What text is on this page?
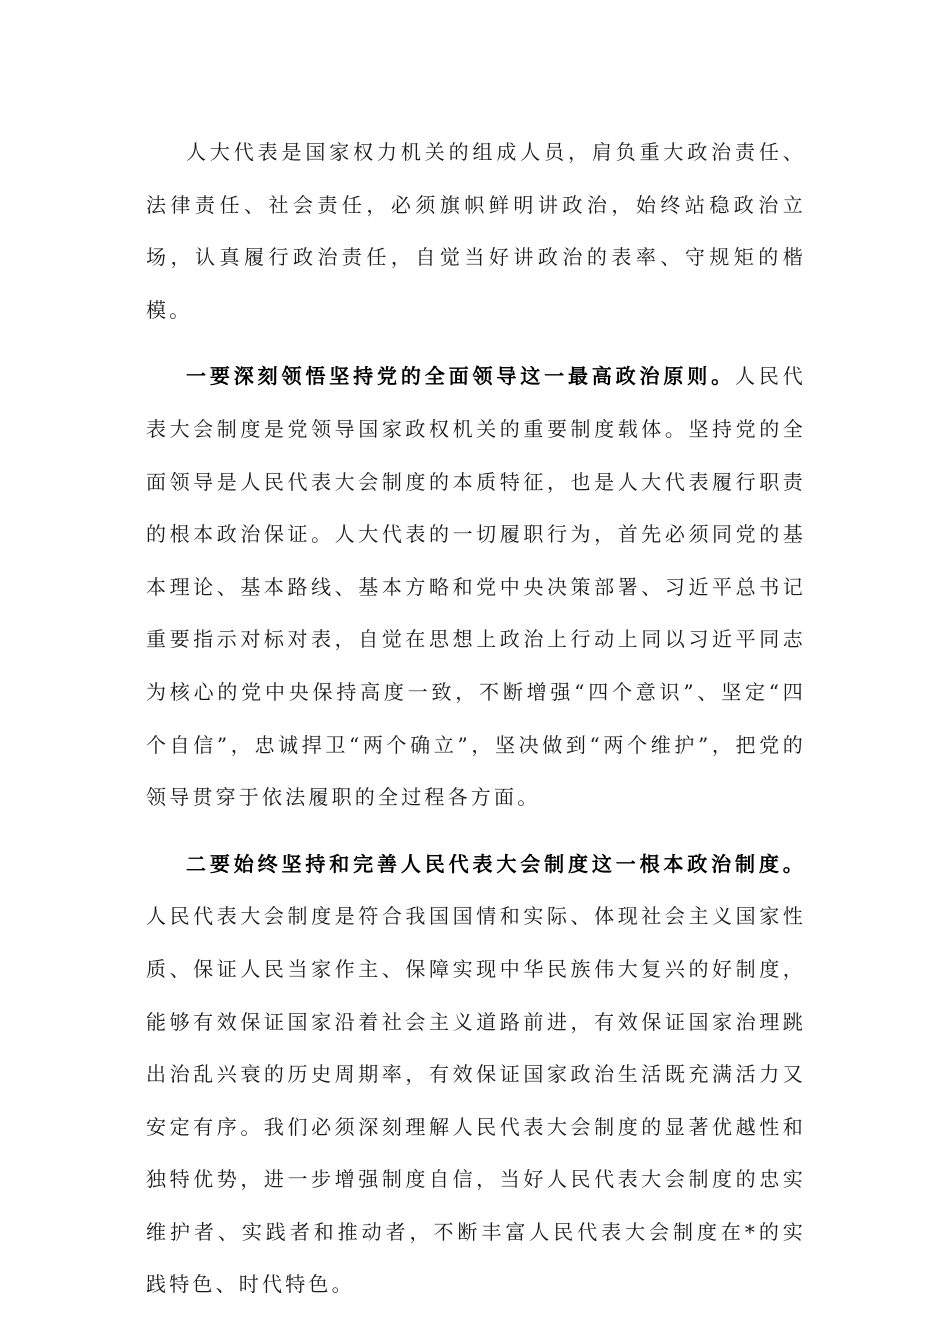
人大代表是国家权力机关的组成人员，肩负重大政治责任、法律责任、社会责任，必须旗帜鲜明讲政治，始终站稳政治立场，认真履行政治责任，自觉当好讲政治的表率、守规矩的楷模。

一要深刻领悟坚持党的全面领导这一最高政治原则。人民代表大会制度是党领导国家政权机关的重要制度载体。坚持党的全面领导是人民代表大会制度的本质特征，也是人大代表履行职责的根本政治保证。人大代表的一切履职行为，首先必须同党的基本理论、基本路线、基本方略和党中央决策部署、习近平总书记重要指示对标对表，自觉在思想上政治上行动上同以习近平同志为核心的党中央保持高度一致，不断增强“四个意识”、坚定“四个自信”，忠诚捍卫“两个确立”，坚决做到“两个维护”，把党的领导贯穿于依法履职的全过程各方面。

二要始终坚持和完善人民代表大会制度这一根本政治制度。人民代表大会制度是符合我国国情和实际、体现社会主义国家性质、保证人民当家作主、保障实现中华民族伟大复兴的好制度，能够有效保证国家沿着社会主义道路前进，有效保证国家治理跳出治乱兴衰的历史周期率，有效保证国家政治生活既充满活力又安定有序。我们必须深刻理解人民代表大会制度的显著优越性和独特优势，进一步增强制度自信，当好人民代表大会制度的忠实维护者、实践者和推动者，不断丰富人民代表大会制度在*的实践特色、时代特色。
